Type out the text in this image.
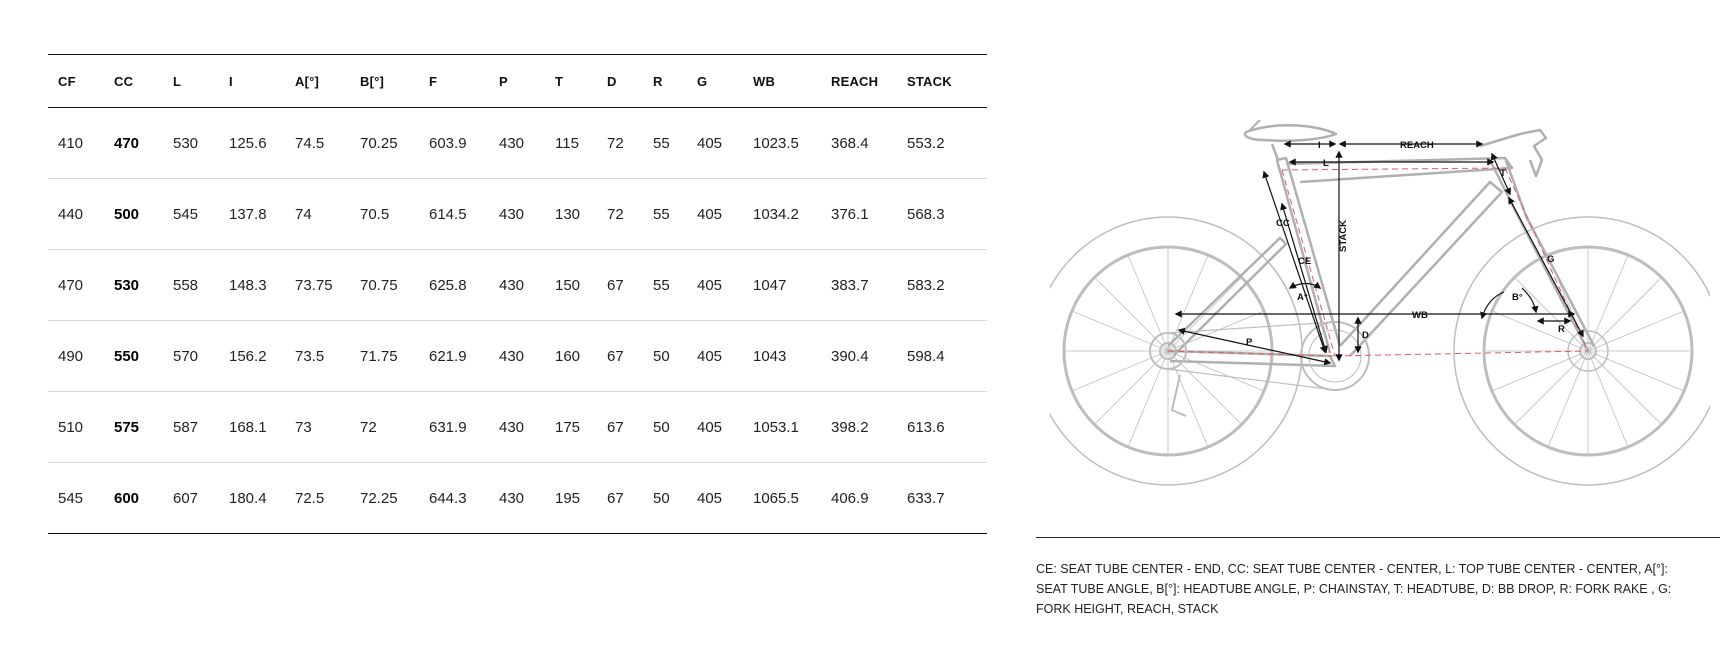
CF	CC	L	I	A[°]	B[°]	F	P	T	D	R	G	WB	REACH	STACK
410	470	530	125.6	74.5	70.25	603.9	430	115	72	55	405	1023.5	368.4	553.2
440	500	545	137.8	74	70.5	614.5	430	130	72	55	405	1034.2	376.1	568.3
470	530	558	148.3	73.75	70.75	625.8	430	150	67	55	405	1047	383.7	583.2
490	550	570	156.2	73.5	71.75	621.9	430	160	67	50	405	1043	390.4	598.4
510	575	587	168.1	73	72	631.9	430	175	67	50	405	1053.1	398.2	613.6
545	600	607	180.4	72.5	72.25	644.3	430	195	67	50	405	1065.5	406.9	633.7
I	REACH
L
T
CC
CE
STACK
G
A°	B°
WB
D
R
P

CE: SEAT TUBE CENTER - END, CC: SEAT TUBE CENTER - CENTER, L: TOP TUBE CENTER - CENTER, A[°]: SEAT TUBE ANGLE, B[°]: HEADTUBE ANGLE, P: CHAINSTAY, T: HEADTUBE, D: BB DROP, R: FORK RAKE , G: FORK HEIGHT, REACH, STACK
